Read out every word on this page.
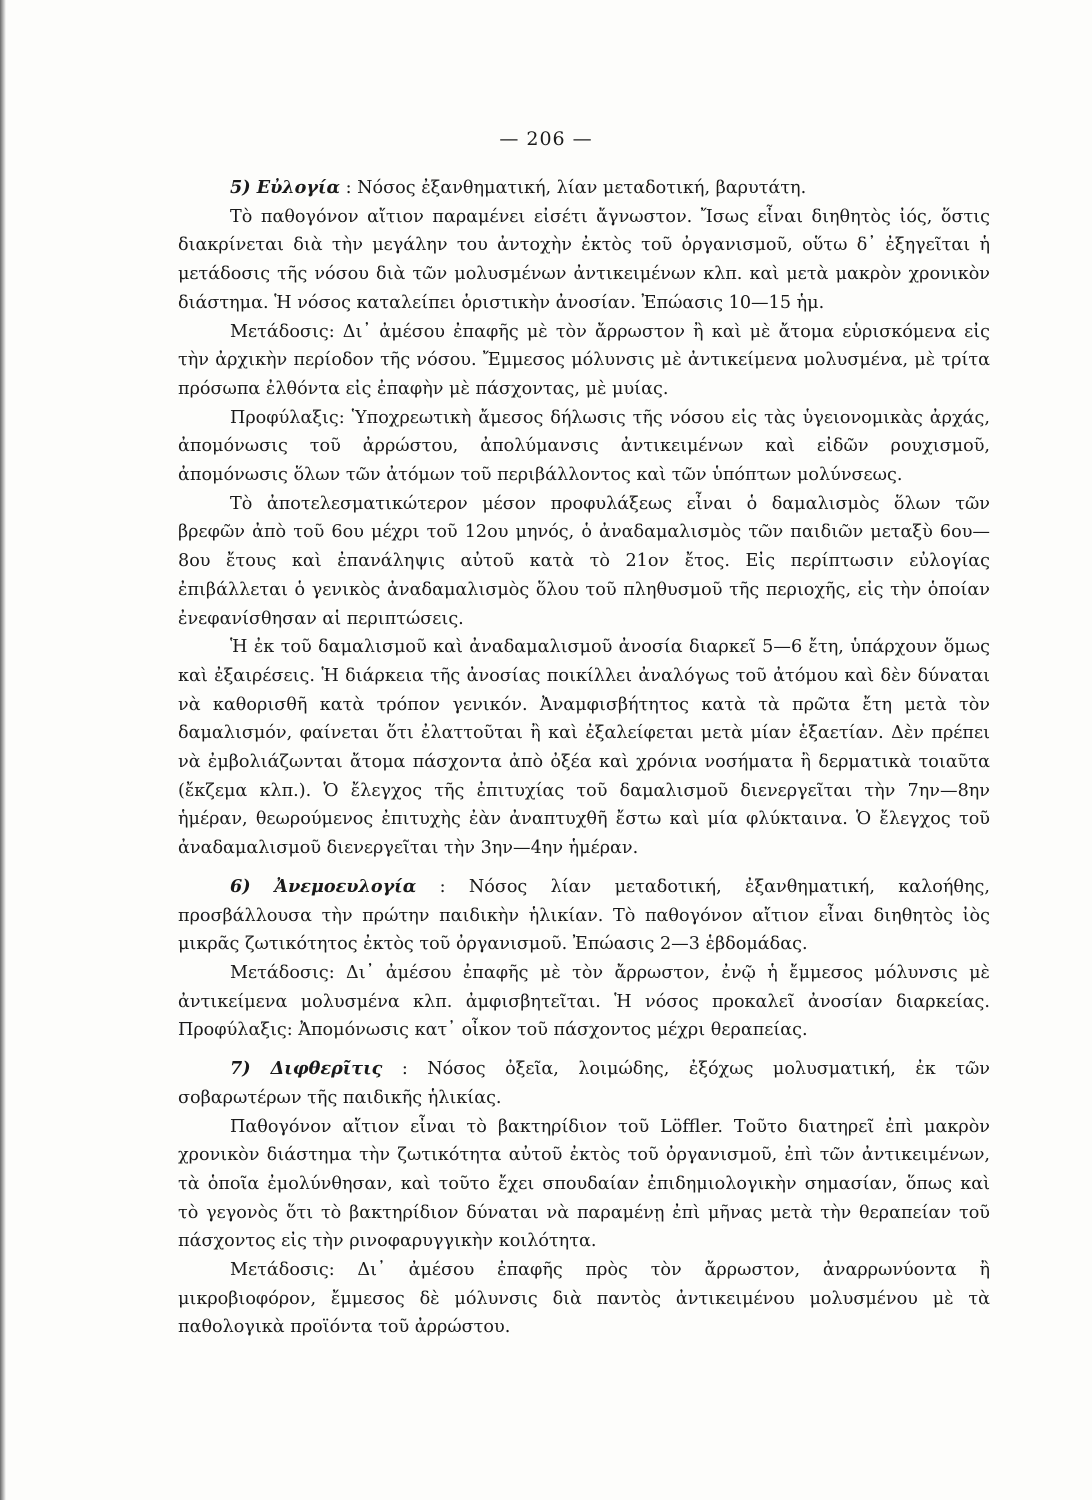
— 206 —

5) Εὐλογία : Νόσος ἐξανθηματική, λίαν μεταδοτική, βαρυτάτη.

Τὸ παθογόνον αἴτιον παραμένει εἰσέτι ἄγνωστον. Ἴσως εἶναι διηθητὸς ἰός, ὅστις διακρίνεται διὰ τὴν μεγάλην του ἀντοχὴν ἐκτὸς τοῦ ὀργανισμοῦ, οὕτω δ᾽ ἐξηγεῖται ἡ μετάδοσις τῆς νόσου διὰ τῶν μολυσμένων ἀντικειμένων κλπ. καὶ μετὰ μακρὸν χρονικὸν διάστημα. Ἡ νόσος καταλείπει ὁριστικὴν ἀνοσίαν. Ἐπώασις 10—15 ἡμ.

Μετάδοσις: Δι᾽ ἀμέσου ἐπαφῆς μὲ τὸν ἄρρωστον ἢ καὶ μὲ ἄτομα εὑρισκόμενα εἰς τὴν ἀρχικὴν περίοδον τῆς νόσου. Ἔμμεσος μόλυνσις μὲ ἀντικείμενα μολυσμένα, μὲ τρίτα πρόσωπα ἐλθόντα εἰς ἐπαφὴν μὲ πάσχοντας, μὲ μυίας.

Προφύλαξις: Ὑποχρεωτικὴ ἄμεσος δήλωσις τῆς νόσου εἰς τὰς ὑγειονομικὰς ἀρχάς, ἀπομόνωσις τοῦ ἀρρώστου, ἀπολύμανσις ἀντικειμένων καὶ εἰδῶν ρουχισμοῦ, ἀπομόνωσις ὅλων τῶν ἀτόμων τοῦ περιβάλλοντος καὶ τῶν ὑπόπτων μολύνσεως.

Τὸ ἀποτελεσματικώτερον μέσον προφυλάξεως εἶναι ὁ δαμαλισμὸς ὅλων τῶν βρεφῶν ἀπὸ τοῦ 6ου μέχρι τοῦ 12ου μηνός, ὁ ἀναδαμαλισμὸς τῶν παιδιῶν μεταξὺ 6ου—8ου ἔτους καὶ ἐπανάληψις αὐτοῦ κατὰ τὸ 21ον ἔτος. Εἰς περίπτωσιν εὐλογίας ἐπιβάλλεται ὁ γενικὸς ἀναδαμαλισμὸς ὅλου τοῦ πληθυσμοῦ τῆς περιοχῆς, εἰς τὴν ὁποίαν ἐνεφανίσθησαν αἱ περιπτώσεις.

Ἡ ἐκ τοῦ δαμαλισμοῦ καὶ ἀναδαμαλισμοῦ ἀνοσία διαρκεῖ 5—6 ἔτη, ὑπάρχουν ὅμως καὶ ἐξαιρέσεις. Ἡ διάρκεια τῆς ἀνοσίας ποικίλλει ἀναλόγως τοῦ ἀτόμου καὶ δὲν δύναται νὰ καθορισθῆ κατὰ τρόπον γενικόν. Ἀναμφισβήτητος κατὰ τὰ πρῶτα ἔτη μετὰ τὸν δαμαλισμόν, φαίνεται ὅτι ἐλαττοῦται ἢ καὶ ἐξαλείφεται μετὰ μίαν ἑξαετίαν. Δὲν πρέπει νὰ ἐμβολιάζωνται ἄτομα πάσχοντα ἀπὸ ὀξέα καὶ χρόνια νοσήματα ἢ δερματικὰ τοιαῦτα (ἔκζεμα κλπ.). Ὁ ἔλεγχος τῆς ἐπιτυχίας τοῦ δαμαλισμοῦ διενεργεῖται τὴν 7ην—8ην ἡμέραν, θεωρούμενος ἐπιτυχὴς ἐὰν ἀναπτυχθῆ ἔστω καὶ μία φλύκταινα. Ὁ ἔλεγχος τοῦ ἀναδαμαλισμοῦ διενεργεῖται τὴν 3ην—4ην ἡμέραν.

6) Ἀνεμοευλογία : Νόσος λίαν μεταδοτική, ἐξανθηματική, καλοήθης, προσβάλλουσα τὴν πρώτην παιδικὴν ἡλικίαν. Τὸ παθογόνον αἴτιον εἶναι διηθητὸς ἰὸς μικρᾶς ζωτικότητος ἐκτὸς τοῦ ὀργανισμοῦ. Ἐπώασις 2—3 ἑβδομάδας.

Μετάδοσις: Δι᾽ ἀμέσου ἐπαφῆς μὲ τὸν ἄρρωστον, ἐνῷ ἡ ἔμμεσος μόλυνσις μὲ ἀντικείμενα μολυσμένα κλπ. ἀμφισβητεῖται. Ἡ νόσος προκαλεῖ ἀνοσίαν διαρκείας. Προφύλαξις: Ἀπομόνωσις κατ᾽ οἶκον τοῦ πάσχοντος μέχρι θεραπείας.

7) Διφθερῖτις : Νόσος ὀξεῖα, λοιμώδης, ἐξόχως μολυσματική, ἐκ τῶν σοβαρωτέρων τῆς παιδικῆς ἡλικίας.

Παθογόνον αἴτιον εἶναι τὸ βακτηρίδιον τοῦ Löffler. Τοῦτο διατηρεῖ ἐπὶ μακρὸν χρονικὸν διάστημα τὴν ζωτικότητα αὐτοῦ ἐκτὸς τοῦ ὀργανισμοῦ, ἐπὶ τῶν ἀντικειμένων, τὰ ὁποῖα ἐμολύνθησαν, καὶ τοῦτο ἔχει σπουδαίαν ἐπιδημιολογικὴν σημασίαν, ὅπως καὶ τὸ γεγονὸς ὅτι τὸ βακτηρίδιον δύναται νὰ παραμένῃ ἐπὶ μῆνας μετὰ τὴν θεραπείαν τοῦ πάσχοντος εἰς τὴν ρινοφαρυγγικὴν κοιλότητα.

Μετάδοσις: Δι᾽ ἀμέσου ἐπαφῆς πρὸς τὸν ἄρρωστον, ἀναρρωνύοντα ἢ μικροβιοφόρον, ἔμμεσος δὲ μόλυνσις διὰ παντὸς ἀντικειμένου μολυσμένου μὲ τὰ παθολογικὰ προϊόντα τοῦ ἀρρώστου.
